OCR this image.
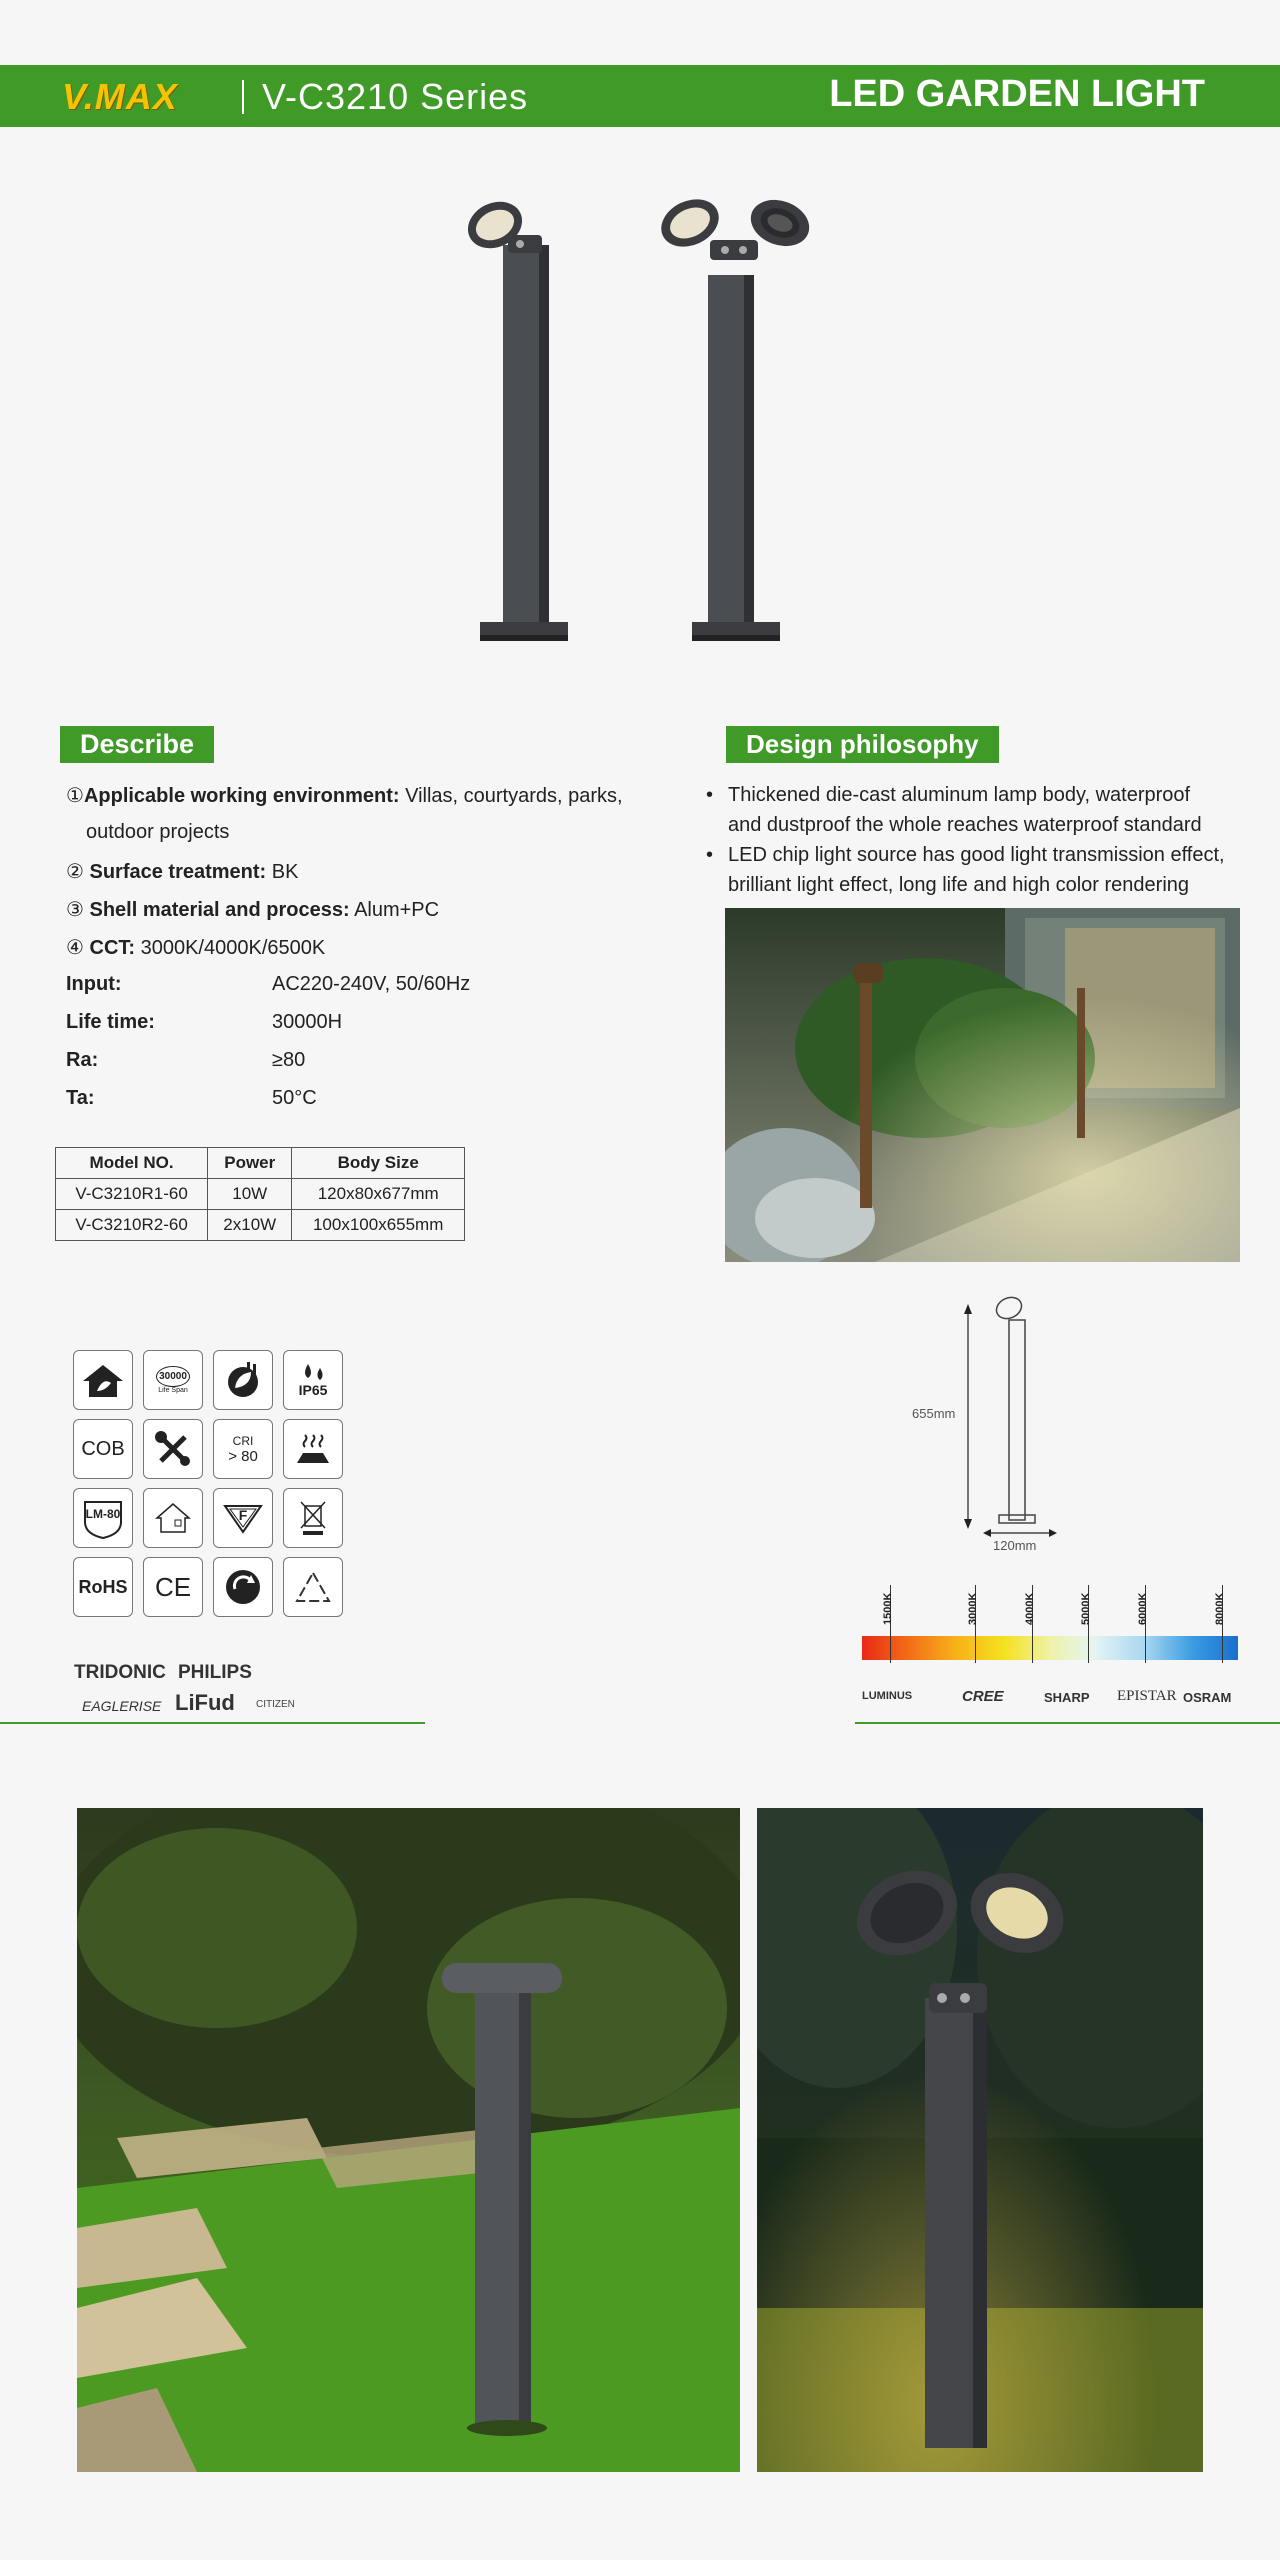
V.MAX V-C3210 Series	LED GARDEN LIGHT
Describe
①Applicable working environment: Villas, courtyards, parks,
outdoor projects
② Surface treatment: BK
③ Shell material and process: Alum+PC
④ CCT: 3000K/4000K/6500K
Input:	AC220-240V, 50/60Hz
Life time:	30000H
Ra:	≥80
Ta:	50°C
Model NO.	Power	Body Size
V-C3210R1-60	10W	120x80x677mm
V-C3210R2-60	2x10W	100x100x655mm
Design philosophy
• Thickened die-cast aluminum lamp body, waterproof
and dustproof the whole reaches waterproof standard
• LED chip light source has good light transmission effect,
brilliant light effect, long life and high color rendering
655mm
120mm
1500K	3000K	4000K	5000K	6000K	8000K
30000
Life Span	IP65
COB	CRI
> 80
LM-80	F
RoHS CE
TRIDONIC PHILIPS
EAGLERISE LiFud CITIZEN
LUMINUS	CREE	SHARP EPISTAR OSRAM
